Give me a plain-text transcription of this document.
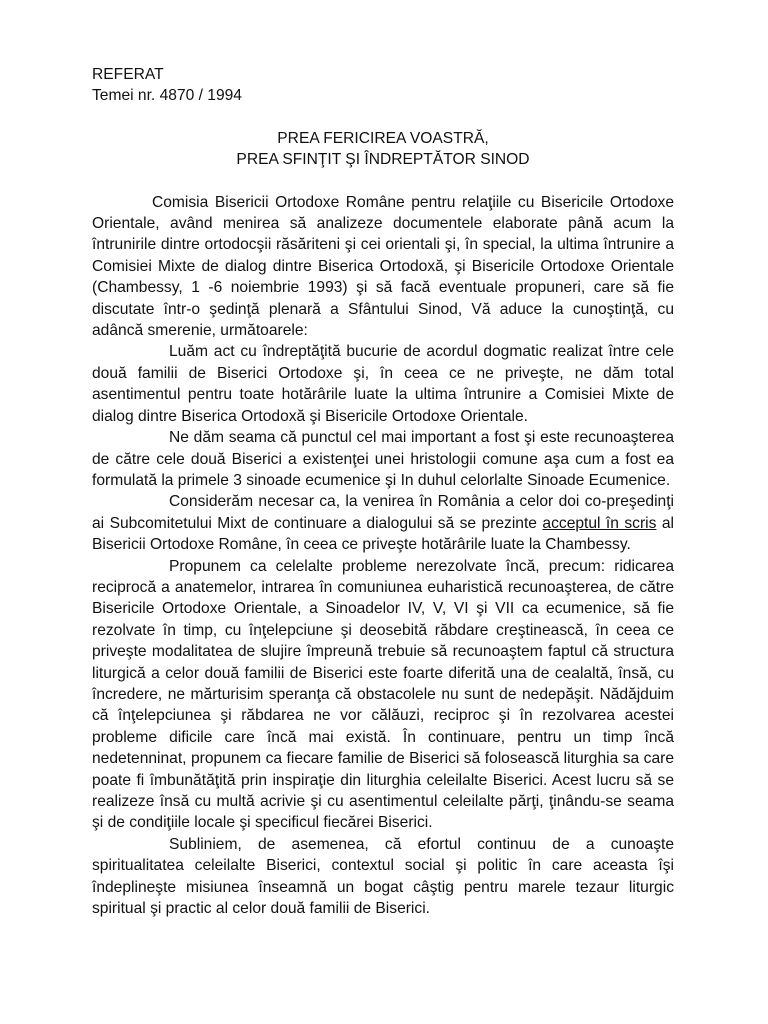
REFERAT
Temei nr. 4870 / 1994
PREA FERICIREA VOASTRĂ,
PREA SFINŢIT ŞI ÎNDREPTĂTOR SINOD

Comisia Bisericii Ortodoxe Române pentru relaţiile cu Bisericile Ortodoxe Orientale, având menirea să analizeze documentele elaborate până acum la întrunirile dintre ortodocşii răsăriteni şi cei orientali şi, în special, la ultima întrunire a Comisiei Mixte de dialog dintre Biserica Ortodoxă, şi Bisericile Ortodoxe Orientale (Chambessy, 1 -6 noiembrie 1993) şi să facă eventuale propuneri, care să fie discutate într-o şedinţă plenară a Sfântului Sinod, Vă aduce la cunoştinţă, cu adâncă smerenie, următoarele:

Luăm act cu îndreptăţită bucurie de acordul dogmatic realizat între cele două familii de Biserici Ortodoxe şi, în ceea ce ne priveşte, ne dăm total asentimentul pentru toate hotărârile luate la ultima întrunire a Comisiei Mixte de dialog dintre Biserica Ortodoxă şi Bisericile Ortodoxe Orientale.

Ne dăm seama că punctul cel mai important a fost şi este recunoaşterea de către cele două Biserici a existenţei unei hristologii comune aşa cum a fost ea formulată la primele 3 sinoade ecumenice şi In duhul celorlalte Sinoade Ecumenice.

Considerăm necesar ca, la venirea în România a celor doi co-preşedinţi ai Subcomitetului Mixt de continuare a dialogului să se prezinte acceptul în scris al Bisericii Ortodoxe Române, în ceea ce priveşte hotărârile luate la Chambessy.

Propunem ca celelalte probleme nerezolvate încă, precum: ridicarea reciprocă a anatemelor, intrarea în comuniunea euharistică recunoaşterea, de către Bisericile Ortodoxe Orientale, a Sinoadelor IV, V, VI şi VII ca ecumenice, să fie rezolvate în timp, cu înţelepciune şi deosebită răbdare creştinească, în ceea ce priveşte modalitatea de slujire împreună trebuie să recunoaştem faptul că structura liturgică a celor două familii de Biserici este foarte diferită una de cealaltă, însă, cu încredere, ne mărturisim speranţa că obstacolele nu sunt de nedepăşit. Nădăjduim că înţelepciunea şi răbdarea ne vor călăuzi, reciproc şi în rezolvarea acestei probleme dificile care încă mai există. În continuare, pentru un timp încă nedetenninat, propunem ca fiecare familie de Biserici să folosească liturghia sa care poate fi îmbunătăţită prin inspiraţie din liturghia celeilalte Biserici. Acest lucru să se realizeze însă cu multă acrivie şi cu asentimentul celeilalte părţi, ţinându-se seama şi de condiţiile locale şi specificul fiecărei Biserici.

Subliniem, de asemenea, că efortul continuu de a cunoaşte spiritualitatea celeilalte Biserici, contextul social şi politic în care aceasta îşi îndeplineşte misiunea înseamnă un bogat câştig pentru marele tezaur liturgic spiritual şi practic al celor două familii de Biserici.
